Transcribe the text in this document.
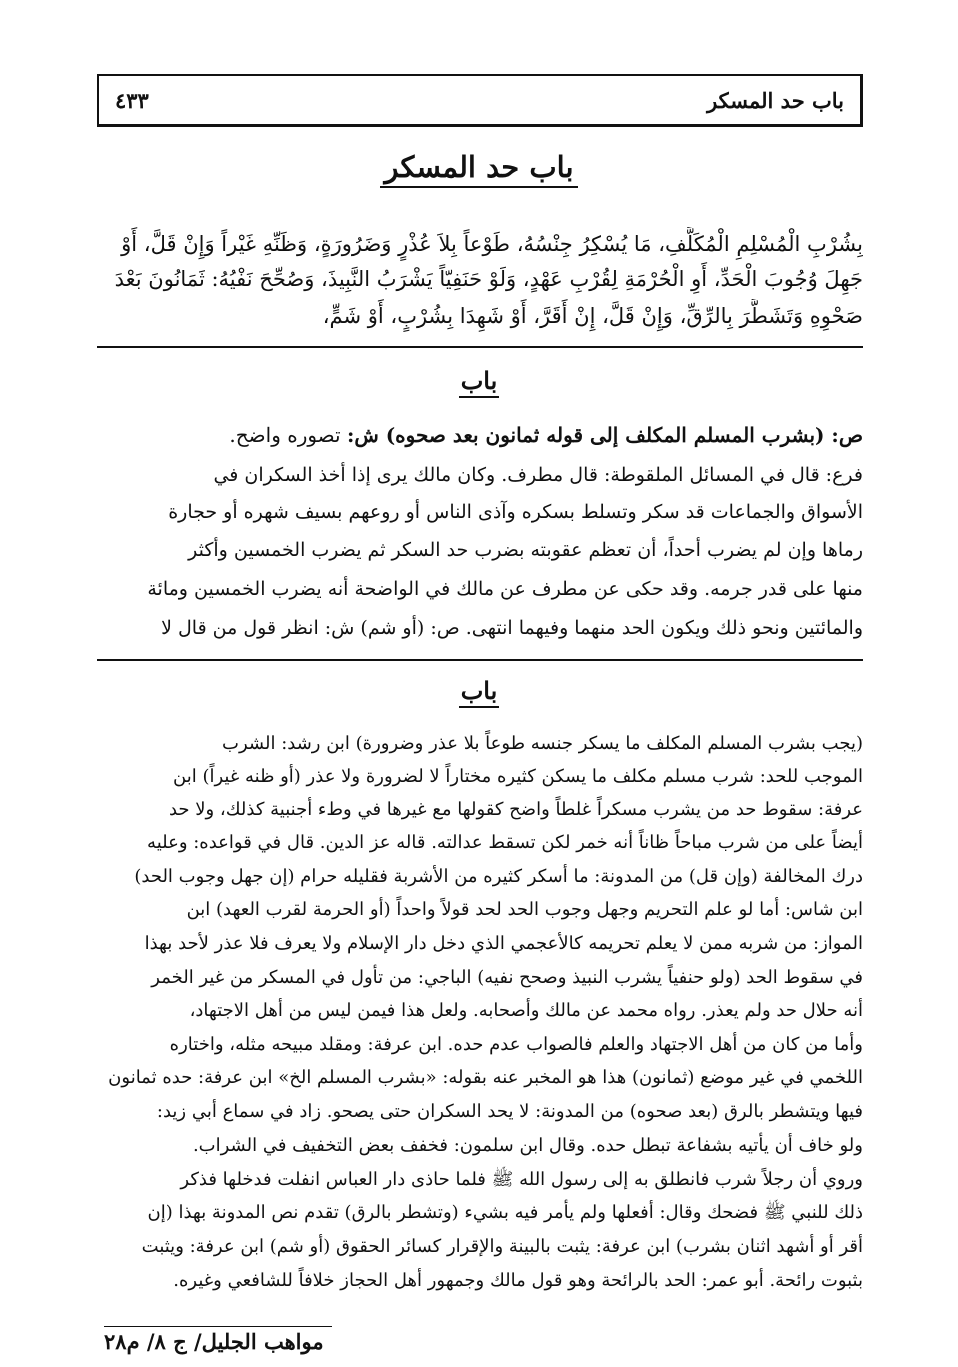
باب حد المسكر
٤٣٣
باب حد المسكر
بِشُرْبِ الْمُسْلِمِ الْمُكَلَّفِ، مَا يُسْكِرُ جِنْسُهُ، طَوْعاً بِلاَ عُذْرٍ وَضَرُورَةٍ، وَظَنِّهِ غَيْراً وَإِنْ قَلَّ، أَوْ
جَهِلَ وُجُوبَ الْحَدِّ، أَوِ الْحُرْمَةِ لِقُرْبِ عَهْدٍ، وَلَوْ حَنَفِيّاً يَشْرَبُ النَّبِيذَ، وَصُحِّحَ نَفْيُهُ: ثَمَانُونَ بَعْدَ
صَحْوِهِ وَتَشَطَّرَ بِالرِّقِّ، وَإِنْ قَلَّ، إِنْ أَقَرَّ، أَوْ شَهِدَا بِشُرْبٍ، أَوْ شَمٍّ،
باب
ص: (بشرب المسلم المكلف إلى قوله ثمانون بعد صحوه) ش: تصوره واضح.
فرع: قال في المسائل الملقوطة: قال مطرف. وكان مالك يرى إذا أخذ السكران في
الأسواق والجماعات قد سكر وتسلط بسكره وآذى الناس أو روعهم بسيف شهره أو حجارة
رماها وإن لم يضرب أحداً، أن تعظم عقوبته بضرب حد السكر ثم يضرب الخمسين وأكثر
منها على قدر جرمه. وقد حكى عن مطرف عن مالك في الواضحة أنه يضرب الخمسين ومائة
والمائتين ونحو ذلك ويكون الحد منهما وفيهما انتهى. ص: (أو شم) ش: انظر قول من قال لا
باب
(يجب بشرب المسلم المكلف ما يسكر جنسه طوعاً بلا عذر وضرورة) ابن رشد: الشرب
الموجب للحد: شرب مسلم مكلف ما يسكن كثيره مختاراً لا لضرورة ولا عذر (أو ظنه غيراً) ابن
عرفة: سقوط حد من يشرب مسكراً غلطاً واضح كقولها مع غيرها في وطء أجنبية كذلك، ولا حد
أيضاً على من شرب مباحاً ظاناً أنه خمر لكن تسقط عدالته. قاله عز الدين. قال في قواعده: وعليه
درك المخالفة (وإن قل) من المدونة: ما أسكر كثيره من الأشربة فقليله حرام (إن جهل وجوب الحد)
ابن شاس: أما لو علم التحريم وجهل وجوب الحد لحد قولاً واحداً (أو الحرمة لقرب العهد) ابن
المواز: من شربه ممن لا يعلم تحريمه كالأعجمي الذي دخل دار الإسلام ولا يعرف فلا عذر لأحد بهذا
في سقوط الحد (ولو حنفياً يشرب النبيذ وصحح نفيه) الباجي: من تأول في المسكر من غير الخمر
أنه حلال حد ولم يعذر. رواه محمد عن مالك وأصحابه. ولعل هذا فيمن ليس من أهل الاجتهاد،
وأما من كان من أهل الاجتهاد والعلم فالصواب عدم حده. ابن عرفة: ومقلد مبيحه مثله، واختاره
اللخمي في غير موضع (ثمانون) هذا هو المخبر عنه بقوله: «بشرب المسلم الخ» ابن عرفة: حده ثمانون
فيها ويتشطر بالرق (بعد صحوه) من المدونة: لا يحد السكران حتى يصحو. زاد في سماع أبي زيد:
ولو خاف أن يأتيه بشفاعة تبطل حده. وقال ابن سلمون: فخفف بعض التخفيف في الشراب.
وروي أن رجلاً شرب فانطلق به إلى رسول الله ﷺ فلما حاذى دار العباس انفلت فدخلها فذكر
ذلك للنبي ﷺ فضحك وقال: أفعلها ولم يأمر فيه بشيء (وتشطر بالرق) تقدم نص المدونة بهذا (إن
أقر أو أشهد اثنان بشرب) ابن عرفة: يثبت بالبينة والإقرار كسائر الحقوق (أو شم) ابن عرفة: ويثبت
بثبوت رائحة. أبو عمر: الحد بالرائحة وهو قول مالك وجمهور أهل الحجاز خلافاً للشافعي وغيره.
مواهب الجليل/ ج ٨/ م٢٨
